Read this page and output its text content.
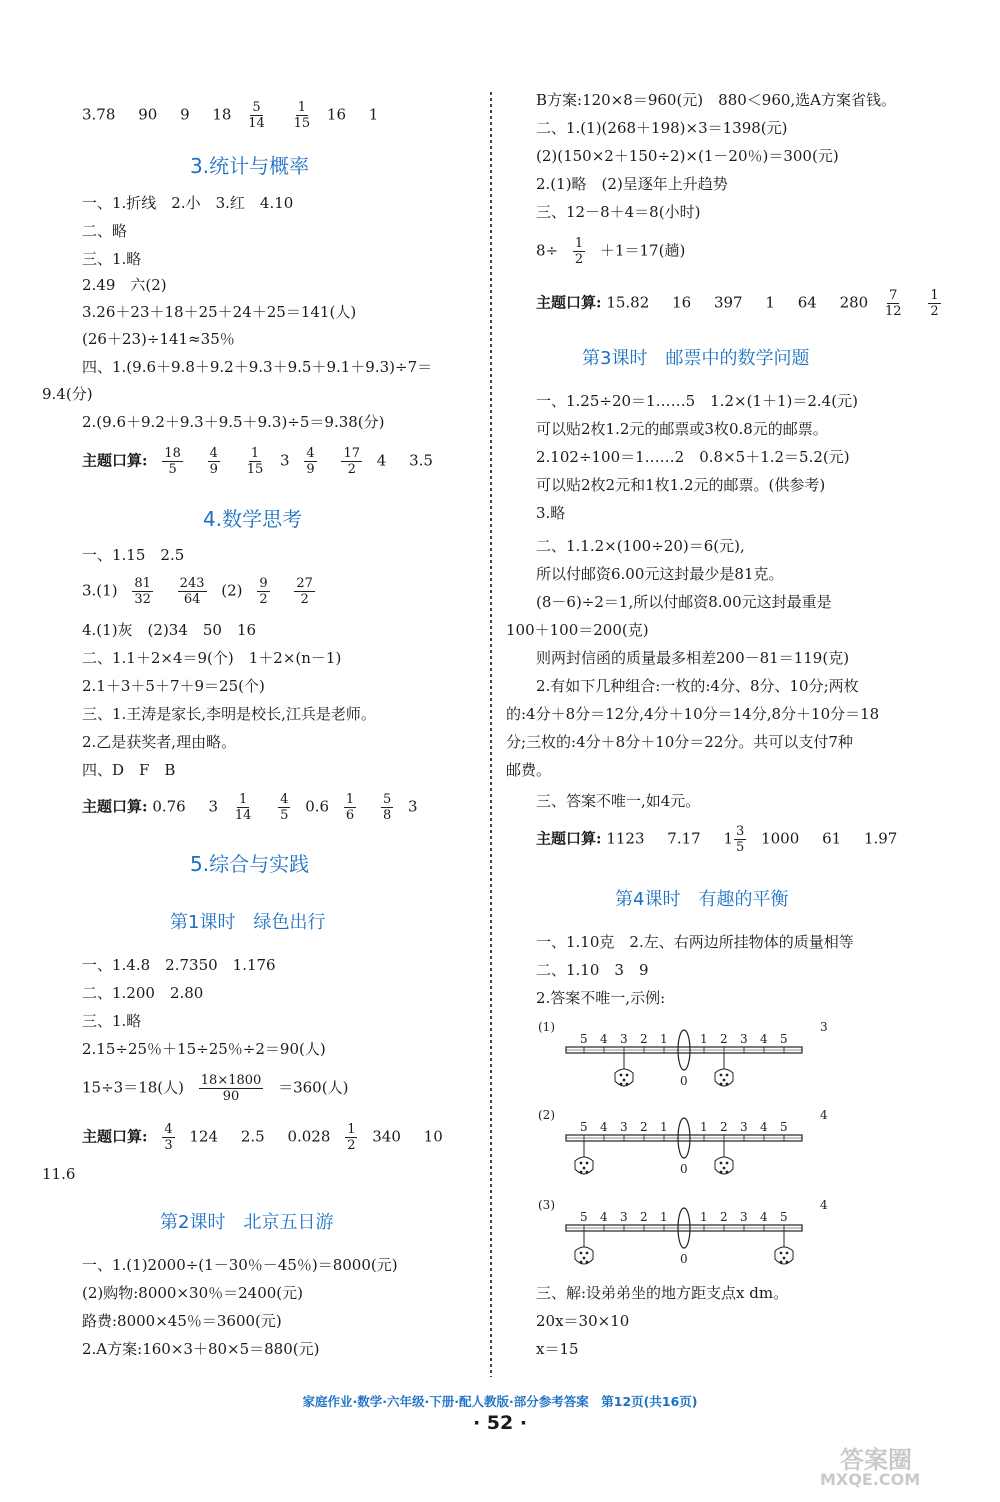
3.78 90 9 $18 \frac{5}{14}$
$\frac{1}{15} 16$ 1
3.统计与概率
一、1.折线　2.小　3.红　4.10
二、略
三、1.略
2.49　六(2)
3.26＋23＋18＋25＋24＋25＝141(人)
(26＋23)÷141≈35％
四、1.(9.6＋9.8＋9.2＋9.3＋9.5＋9.1＋9.3)÷7＝
9.4(分)
2.(9.6＋9.2＋9.3＋9.5＋9.3)÷5＝9.38(分)
主题口算: $\frac{18}{5}$
$\frac{4}{9}$
$\frac{1}{15} 3 \frac{4}{9}$
$\frac{17}{2} 4$ 3.5
4.数学思考
一、1.15　2.5
$3.(1) \frac{81}{32}$
$\frac{243}{64} (2) \frac{9}{2}$
$\frac{27}{2}$
4.(1)灰　(2)34　50　16
二、1.1＋2×4＝9(个)　1＋2×(n－1)
2.1＋3＋5＋7＋9＝25(个)
三、1.王涛是家长,李明是校长,江兵是老师。
2.乙是获奖者,理由略。
四、D　F　B
主题口算: 0.76 $3 \frac{1}{14}$
$\frac{4}{5} 0.6 \frac{1}{6}$
$\frac{5}{8} 3$
5.综合与实践
第1课时　绿色出行
一、1.4.8　2.7350　1.176
二、1.200　2.80
三、1.略
2.15÷25％＋15÷25％÷2＝90(人)
15÷3＝18(人) $\frac{18\times 1800}{90} =360$(人)
主题口算: $\frac{4}{3} 124$ 2.5 $0.028 \frac{1}{2} 340$ 10
11.6
第2课时　北京五日游
一、1.(1)2000÷(1－30％－45％)＝8000(元)
(2)购物:8000×30％＝2400(元)
路费:8000×45％＝3600(元)
2.A方案:160×3＋80×5＝880(元)
B方案:120×8＝960(元)　880＜960,选A方案省钱。
二、1.(1)(268＋198)×3＝1398(元)
(2)(150×2＋150÷2)×(1－20％)＝300(元)
2.(1)略　(2)呈逐年上升趋势
三、12－8＋4＝8(小时)
$8\div \frac{1}{2} +1=17$(趟)
主题口算: 15.82 16 397 1 64 $280 \frac{7}{12}$
$\frac{1}{2}$
第3课时　邮票中的数学问题
一、1.25÷20＝1……5　1.2×(1＋1)＝2.4(元)
可以贴2枚1.2元的邮票或3枚0.8元的邮票。
2.102÷100＝1……2　0.8×5＋1.2＝5.2(元)
可以贴2枚2元和1枚1.2元的邮票。(供参考)
3.略
二、1.1.2×(100÷20)＝6(元),
所以付邮资6.00元这封最少是81克。
(8－6)÷2＝1,所以付邮资8.00元这封最重是
100＋100＝200(克)
则两封信函的质量最多相差200－81＝119(克)
2.有如下几种组合:一枚的:4分、8分、10分;两枚
的:4分＋8分＝12分,4分＋10分＝14分,8分＋10分＝18
分;三枚的:4分＋8分＋10分＝22分。共可以支付7种
邮费。
三、答案不唯一,如4元。
主题口算: 1123 7.17 $1 \frac{3}{5} 1000$ 61 1.97
第4课时　有趣的平衡
一、1.10克　2.左、右两边所挂物体的质量相等
二、1.10　3　9
2.答案不唯一,示例:
(1)	3
5 4 3 2 1	1 2 3 4 5
0
(2)	4
5 4 3 2 1	1 2 3 4 5
0
(3)	4
5 4 3 2 1	1 2 3 4 5
0
三、解:设弟弟坐的地方距支点x dm。
20x＝30×10
x＝15
家庭作业·数学·六年级·下册·配人教版·部分参考答案　第12页(共16页)
· 52 ·
答案圈
MXQE.COM
